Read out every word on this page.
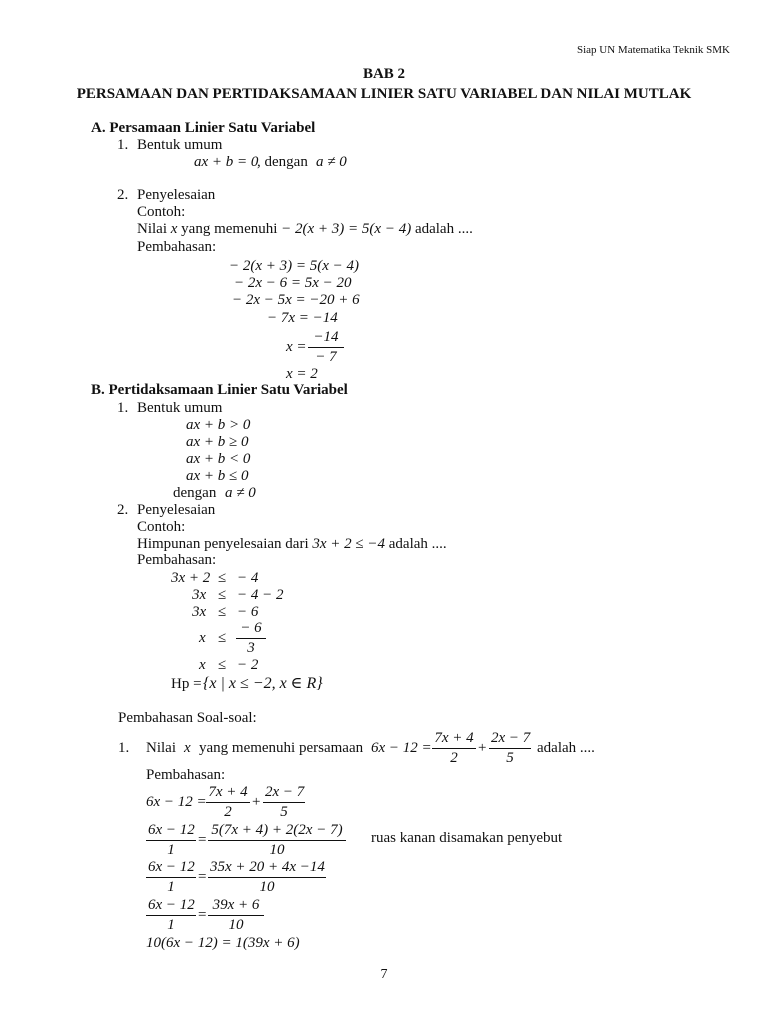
Siap UN Matematika Teknik SMK
BAB 2
PERSAMAAN DAN PERTIDAKSAMAAN LINIER SATU VARIABEL DAN NILAI MUTLAK
A. Persamaan Linier Satu Variabel
1. Bentuk umum
ax + b = 0
, dengan a ≠ 0
2. Penyelesaian
Contoh:
Nilai x yang memenuhi − 2(x + 3) = 5(x − 4) adalah ....
Pembahasan:
− 2(x + 3) = 5(x − 4)
− 2x − 6 = 5x − 20
− 2x − 5x = −20 + 6
− 7x = −14
$x = \frac{-14}{- 7}$
x = 2
B. Pertidaksamaan Linier Satu Variabel
1. Bentuk umum
ax + b > 0
ax + b ≥ 0
ax + b < 0
ax + b ≤ 0
dengan a ≠ 0
2. Penyelesaian
Contoh:
Himpunan penyelesaian dari 3x + 2 ≤ −4 adalah ....
Pembahasan:
3x + 2 ≤ − 4
3x ≤ − 4 − 2
3x ≤ − 6
$x \le \frac{- 6}{3}$
x ≤ − 2
Hp = {x | x ≤ −2, x ∈ R}
Pembahasan Soal-soal:
1. Nilai x yang memenuhi persamaan $6x - 12 = \frac{7x + 4}{2} + \frac{2x - 7}{5}$ adalah ....
Pembahasan:
$6x - 12 = \frac{7x + 4}{2} + \frac{2x - 7}{5}$
$\frac{6x - 12}{1} = \frac{5(7x + 4) + 2(2x - 7)}{10}$ ruas kanan disamakan penyebut
$\frac{6x - 12}{1} = \frac{35x + 20 + 4x -14}{10}$
$\frac{6x - 12}{1} = \frac{39x + 6}{10}$
10(6x − 12) = 1(39x + 6)
7
